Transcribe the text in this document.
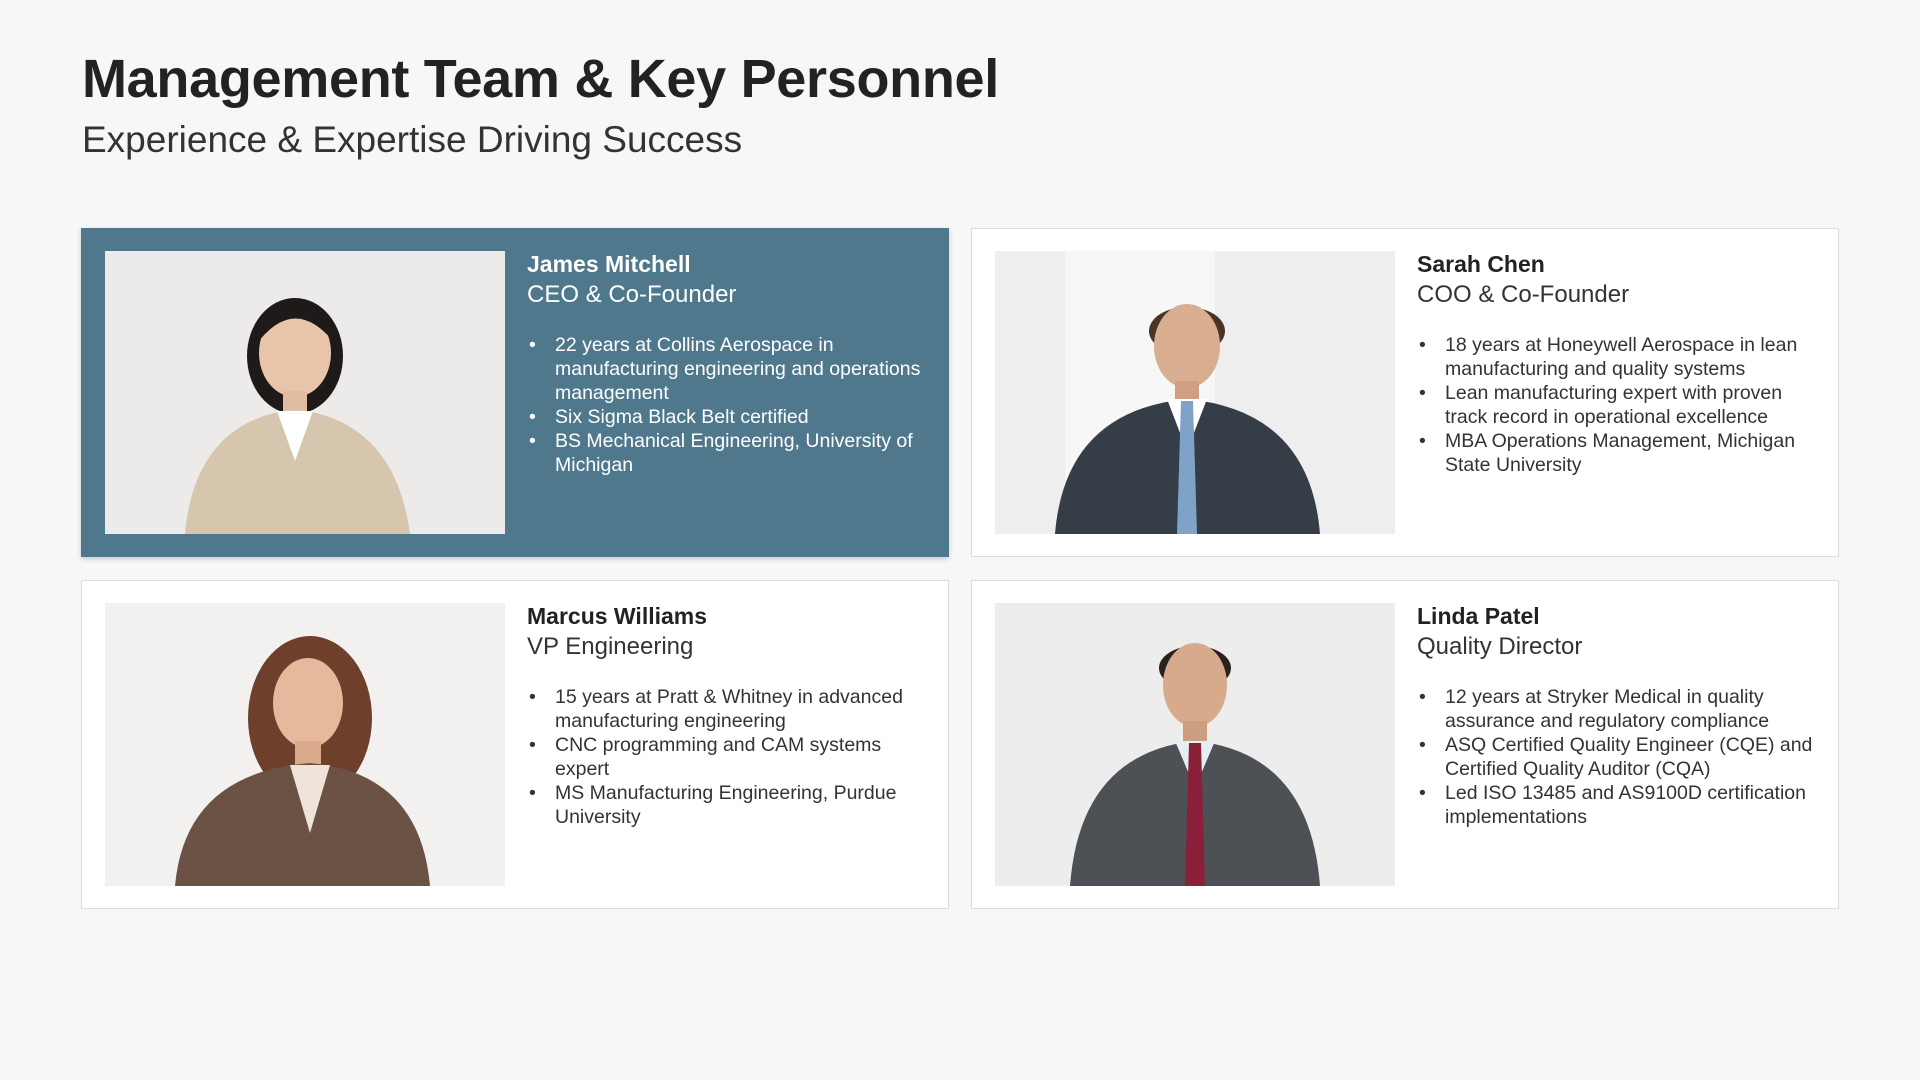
Management Team & Key Personnel
Experience & Expertise Driving Success
James Mitchell
CEO & Co-Founder
• 22 years at Collins Aerospace in manufacturing engineering and operations management
• Six Sigma Black Belt certified
• BS Mechanical Engineering, University of Michigan
Sarah Chen
COO & Co-Founder
• 18 years at Honeywell Aerospace in lean manufacturing and quality systems
• Lean manufacturing expert with proven track record in operational excellence
• MBA Operations Management, Michigan State University
Marcus Williams
VP Engineering
• 15 years at Pratt & Whitney in advanced manufacturing engineering
• CNC programming and CAM systems expert
• MS Manufacturing Engineering, Purdue University
Linda Patel
Quality Director
• 12 years at Stryker Medical in quality assurance and regulatory compliance
• ASQ Certified Quality Engineer (CQE) and Certified Quality Auditor (CQA)
• Led ISO 13485 and AS9100D certification implementations
